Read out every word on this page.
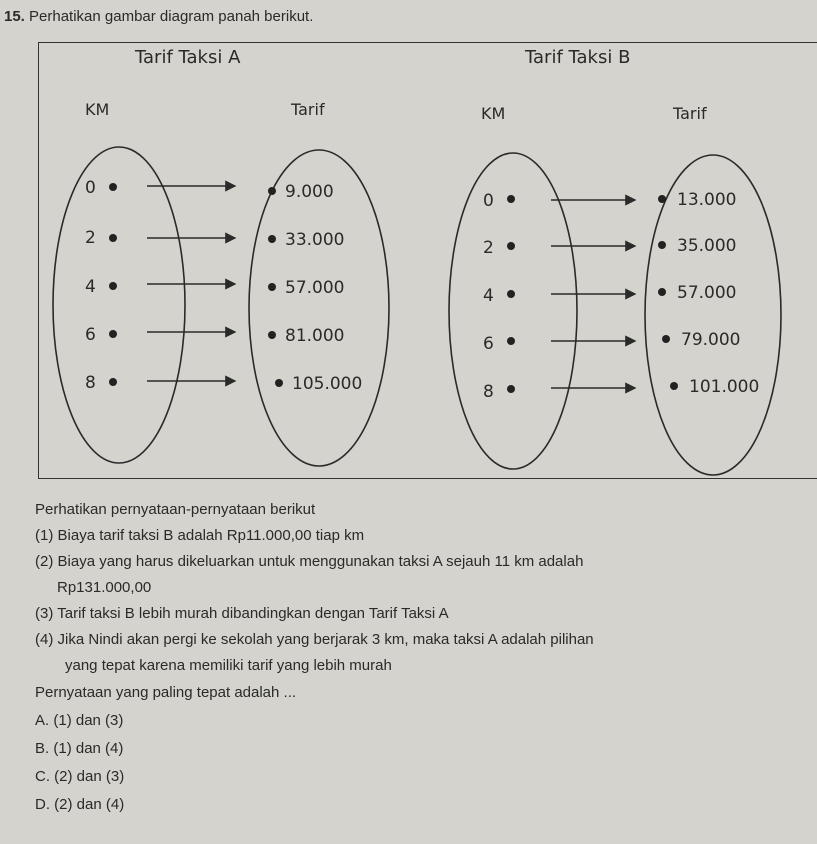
15. Perhatikan gambar diagram panah berikut.
Tarif Taksi A
KM	Tarif
0
2
4
6
8
9.000
33.000
57.000
81.000
105.000
Tarif Taksi B
KM	Tarif
0
2
4
6
8
13.000
35.000
57.000
79.000
101.000
Perhatikan pernyataan-pernyataan berikut
(1) Biaya tarif taksi B adalah Rp11.000,00 tiap km
(2) Biaya yang harus dikeluarkan untuk menggunakan taksi A sejauh 11 km adalah
Rp131.000,00
(3) Tarif taksi B lebih murah dibandingkan dengan Tarif Taksi A
(4) Jika Nindi akan pergi ke sekolah yang berjarak 3 km, maka taksi A adalah pilihan
yang tepat karena memiliki tarif yang lebih murah
Pernyataan yang paling tepat adalah ...
A. (1) dan (3)
B. (1) dan (4)
C. (2) dan (3)
D. (2) dan (4)
